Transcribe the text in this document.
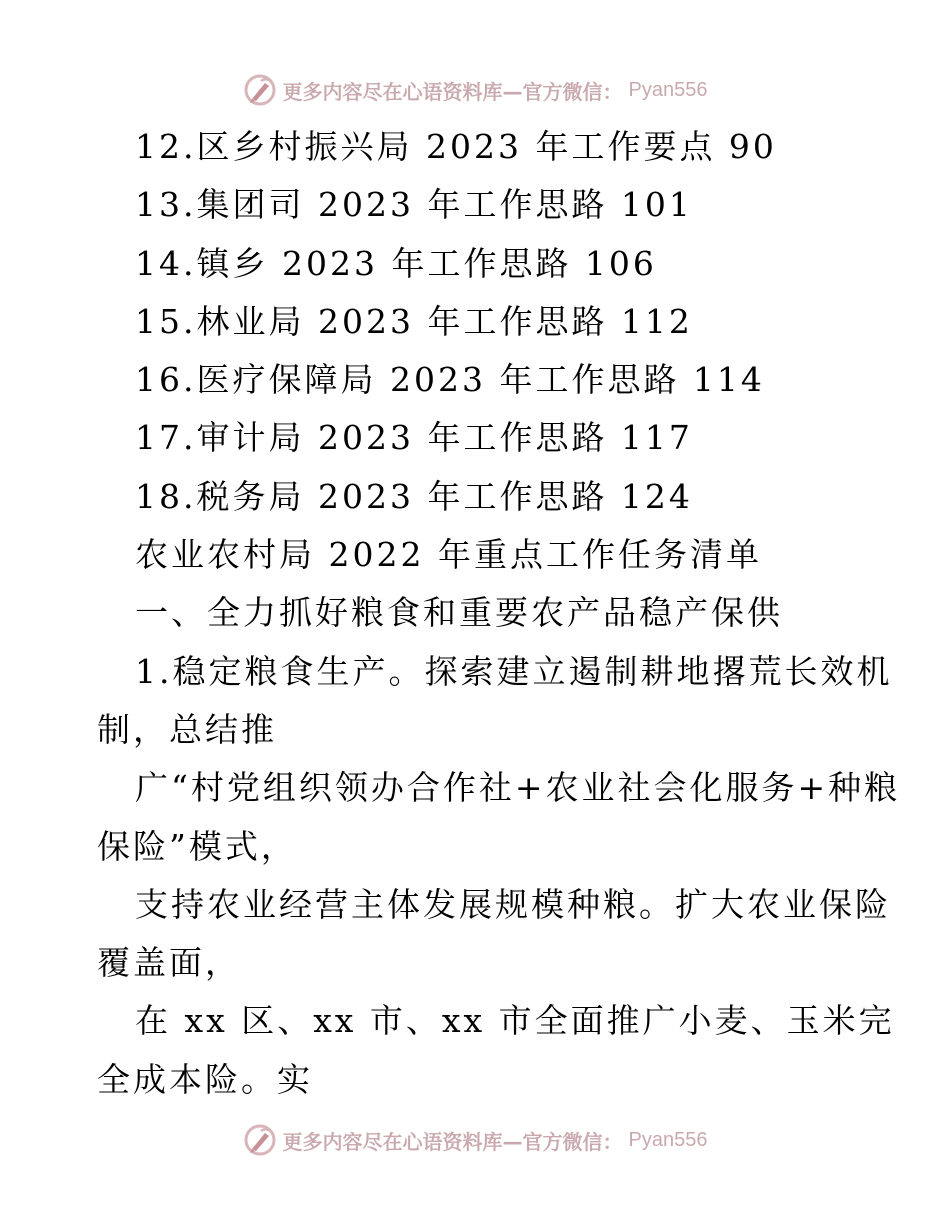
更多内容尽在心语资料库—官方微信： Pyan556
12.区乡村振兴局 2023 年工作要点 90
13.集团司 2023 年工作思路 101
14.镇乡 2023 年工作思路 106
15.林业局 2023 年工作思路 112
16.医疗保障局 2023 年工作思路 114
17.审计局 2023 年工作思路 117
18.税务局 2023 年工作思路 124
农业农村局 2022 年重点工作任务清单
一、全力抓好粮食和重要农产品稳产保供
1.稳定粮食生产。探索建立遏制耕地撂荒长效机
制，总结推
广“村党组织领办合作社+农业社会化服务+种粮
保险”模式，
支持农业经营主体发展规模种粮。扩大农业保险
覆盖面，
在 xx 区、xx 市、xx 市全面推广小麦、玉米完
全成本险。实
更多内容尽在心语资料库—官方微信： Pyan556
